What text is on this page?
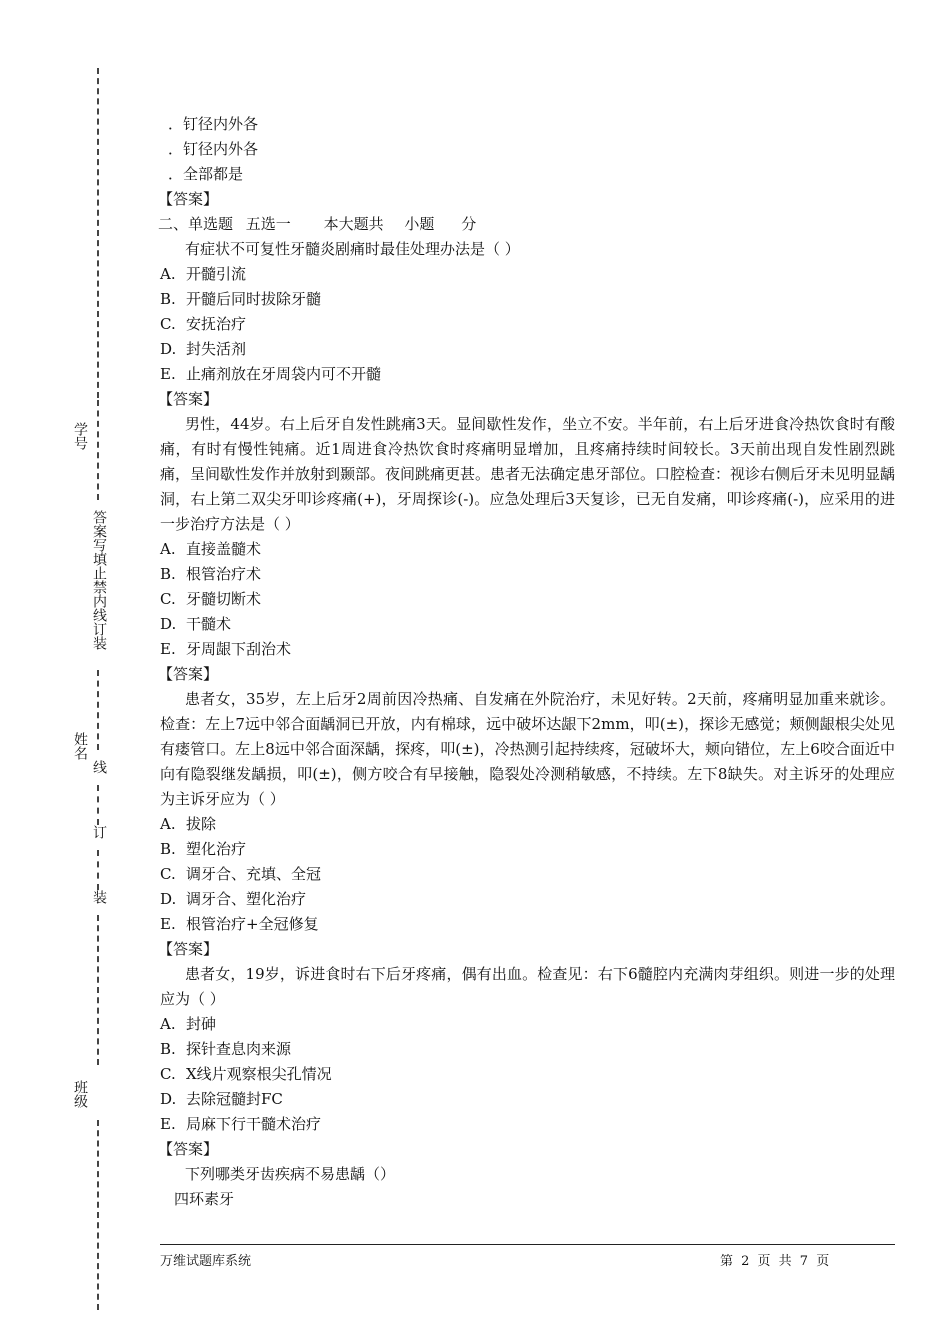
学号
答案写填止禁内线订装
姓名
线
订
装
班级
．钉径内外各
．钉径内外各
．全部都是
【答案】
二、单选题 五选一 本大题共 小题 分
有症状不可复性牙髓炎剧痛时最佳处理办法是（ ）
A. 开髓引流
B. 开髓后同时拔除牙髓
C. 安抚治疗
D. 封失活剂
E. 止痛剂放在牙周袋内可不开髓
【答案】
男性，44岁。右上后牙自发性跳痛3天。显间歇性发作，坐立不安。半年前，右上后牙进食冷热饮食时有酸痛，有时有慢性钝痛。近1周进食冷热饮食时疼痛明显增加，且疼痛持续时间较长。3天前出现自发性剧烈跳痛，呈间歇性发作并放射到颞部。夜间跳痛更甚。患者无法确定患牙部位。口腔检查：视诊右侧后牙未见明显龋洞，右上第二双尖牙叩诊疼痛(+)，牙周探诊(-)。应急处理后3天复诊，已无自发痛，叩诊疼痛(-)，应采用的进一步治疗方法是（ ）
A. 直接盖髓术
B. 根管治疗术
C. 牙髓切断术
D. 干髓术
E. 牙周龈下刮治术
【答案】
患者女，35岁，左上后牙2周前因冷热痛、自发痛在外院治疗，未见好转。2天前，疼痛明显加重来就诊。检查：左上7远中邻合面龋洞已开放，内有棉球，远中破坏达龈下2mm，叩(±)，探诊无感觉；颊侧龈根尖处见有瘘管口。左上8远中邻合面深龋，探疼，叩(±)，冷热测引起持续疼，冠破坏大，颊向错位，左上6咬合面近中向有隐裂继发龋损，叩(±)，侧方咬合有早接触，隐裂处冷测稍敏感，不持续。左下8缺失。对主诉牙的处理应为主诉牙应为（ ）
A. 拔除
B. 塑化治疗
C. 调牙合、充填、全冠
D. 调牙合、塑化治疗
E. 根管治疗+全冠修复
【答案】
患者女，19岁，诉进食时右下后牙疼痛，偶有出血。检查见：右下6髓腔内充满肉芽组织。则进一步的处理应为（ ）
A. 封砷
B. 探针查息肉来源
C. X线片观察根尖孔情况
D. 去除冠髓封FC
E. 局麻下行干髓术治疗
【答案】
下列哪类牙齿疾病不易患龋（）
四环素牙
万维试题库系统	第 2 页 共 7 页
